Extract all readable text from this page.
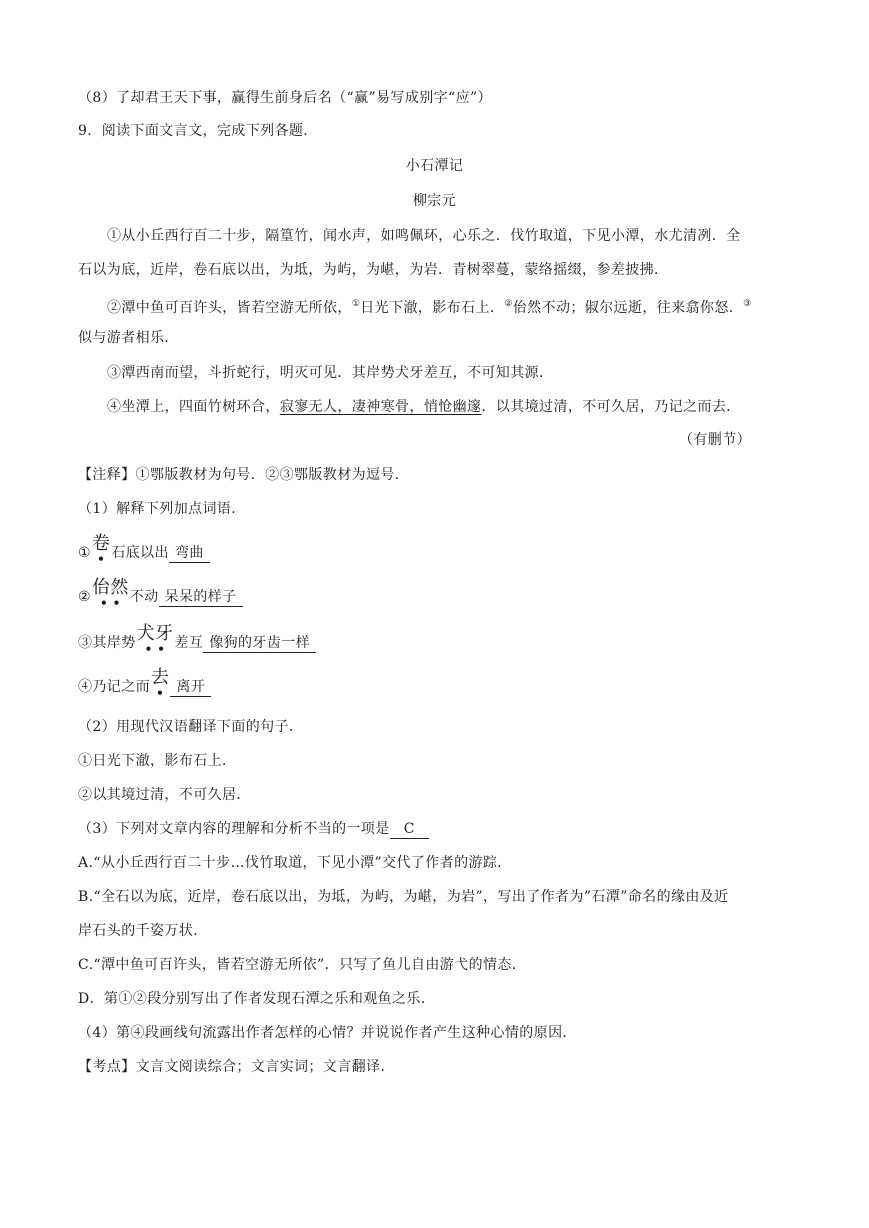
（8）了却君王天下事，赢得生前身后名（“赢”易写成别字“应”）
9．阅读下面文言文，完成下列各题．
小石潭记
柳宗元
①从小丘西行百二十步，隔篁竹，闻水声，如鸣佩环，心乐之．伐竹取道，下见小潭，水尤清冽．全
石以为底，近岸，卷石底以出，为坻，为屿，为嵁，为岩．青树翠蔓，蒙络摇缀，参差披拂．
②潭中鱼可百许头，皆若空游无所依，①日光下澈，影布石上．②佁然不动；俶尔远逝，往来翕你怒．③
似与游者相乐．
③潭西南而望，斗折蛇行，明灭可见．其岸势犬牙差互，不可知其源．
④坐潭上，四面竹树环合，寂寥无人，凄神寒骨，悄怆幽邃．以其境过清，不可久居，乃记之而去．
（有删节）
【注释】①鄂版教材为句号．②③鄂版教材为逗号．
（1）解释下列加点词语．
①卷
• 石底以出 弯曲
②佁然
• • 不动 呆呆的样子
③其岸势犬牙
• • 差互 像狗的牙齿一样
④乃记之而去
• 离开
（2）用现代汉语翻译下面的句子．
①日光下澈，影布石上．
②以其境过清，不可久居．
（3）下列对文章内容的理解和分析不当的一项是 C
A.“从小丘西行百二十步…伐竹取道，下见小潭”交代了作者的游踪．
B.“全石以为底，近岸，卷石底以出，为坻，为屿，为嵁，为岩”，写出了作者为”石潭”命名的缘由及近
岸石头的千姿万状．
C.“潭中鱼可百许头，皆若空游无所依”．只写了鱼儿自由游弋的情态．
D．第①②段分别写出了作者发现石潭之乐和观鱼之乐．
（4）第④段画线句流露出作者怎样的心情？并说说作者产生这种心情的原因．
【考点】文言文阅读综合；文言实词；文言翻译．
